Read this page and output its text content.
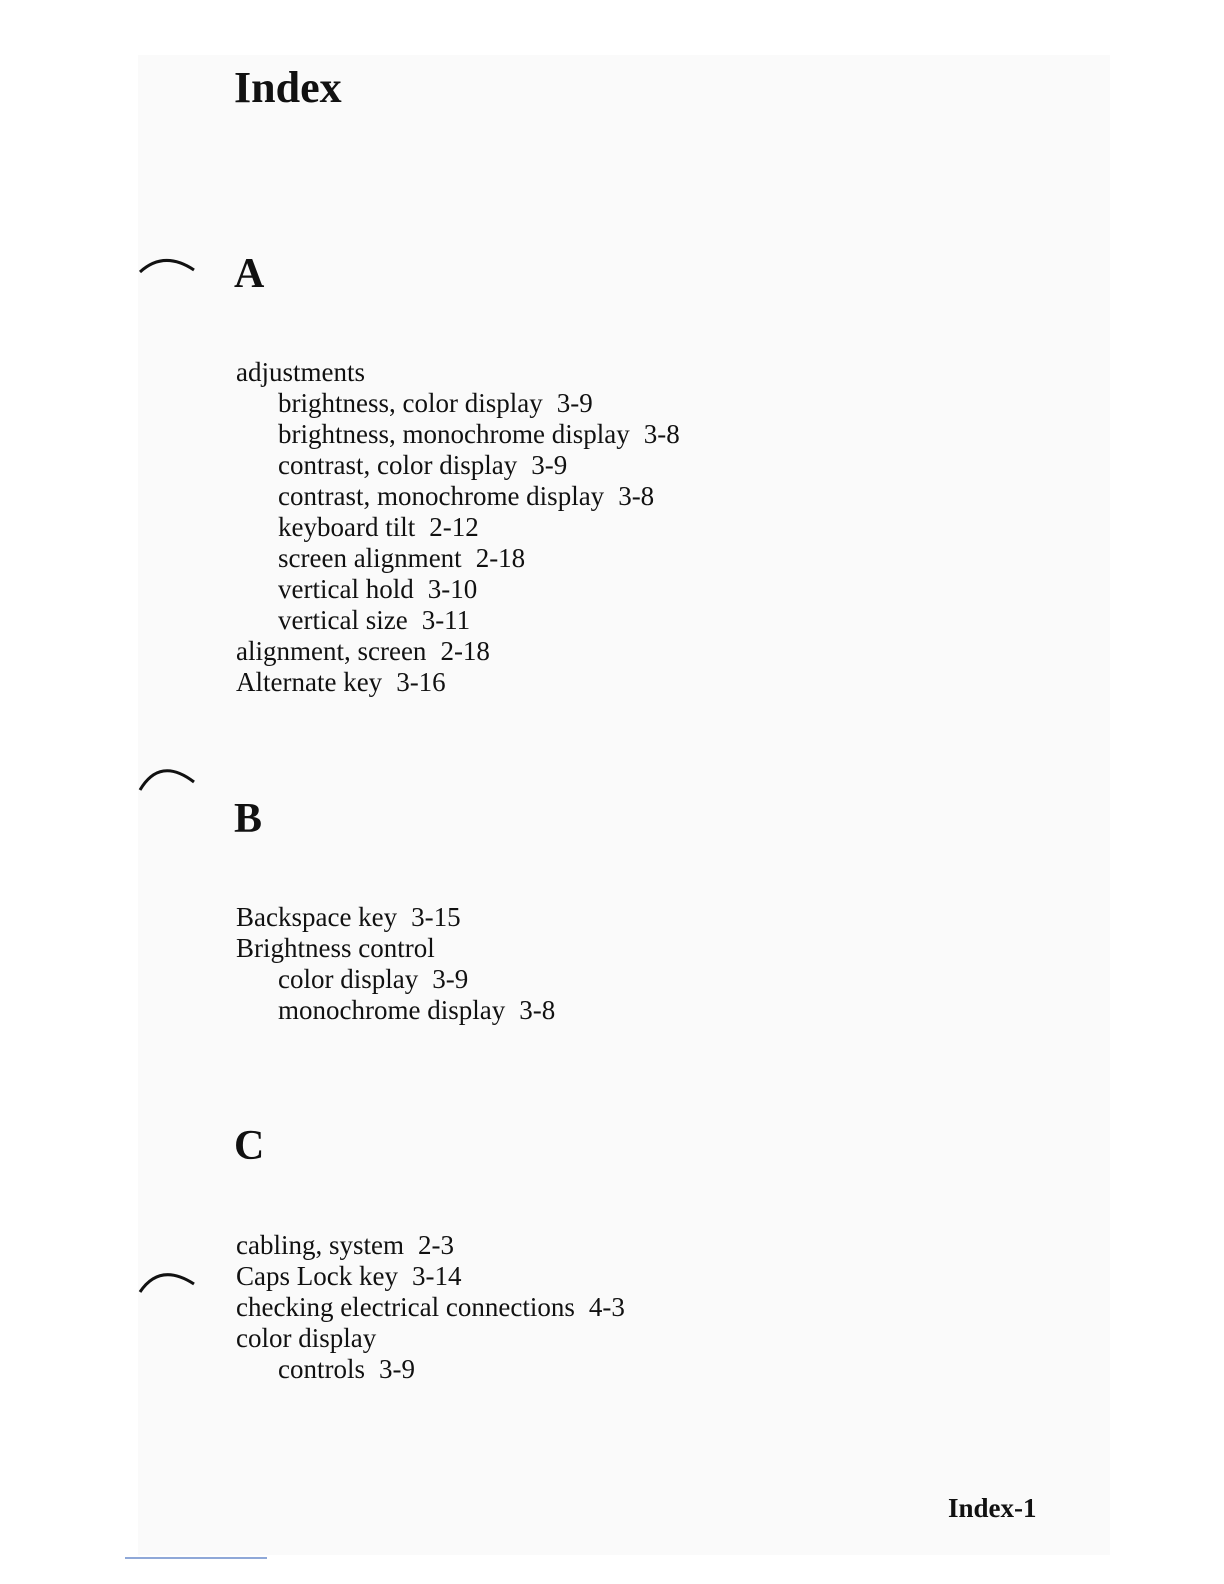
Index
A
adjustments
brightness, color display 3-9
brightness, monochrome display 3-8
contrast, color display 3-9
contrast, monochrome display 3-8
keyboard tilt 2-12
screen alignment 2-18
vertical hold 3-10
vertical size 3-11
alignment, screen 2-18
Alternate key 3-16
B
Backspace key 3-15
Brightness control
color display 3-9
monochrome display 3-8
C
cabling, system 2-3
Caps Lock key 3-14
checking electrical connections 4-3
color display
controls 3-9
Index-1
